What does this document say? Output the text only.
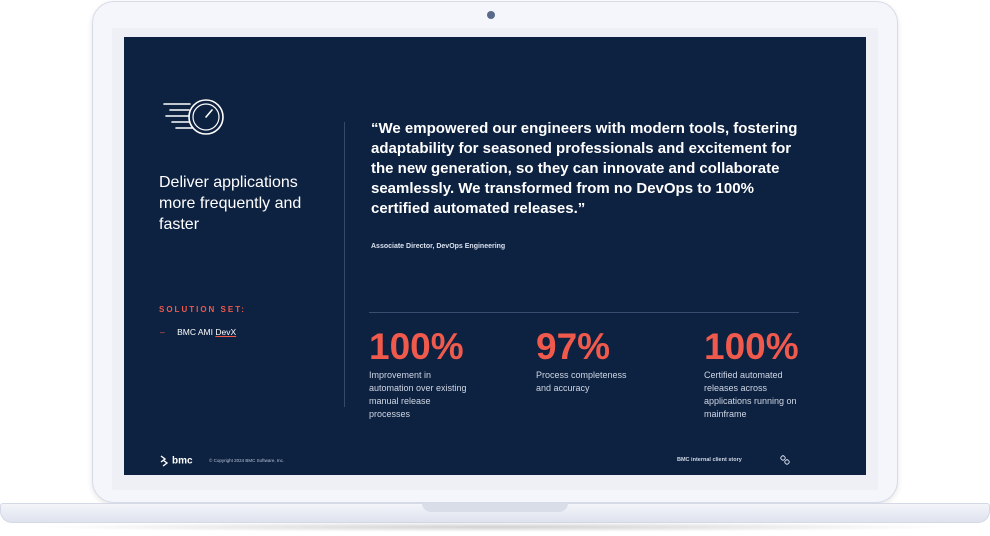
Deliver applications more frequently and faster
SOLUTION SET:
– BMC AMI DevX
“We empowered our engineers with modern tools, fostering adaptability for seasoned professionals and excitement for the new generation, so they can innovate and collaborate seamlessly. We transformed from no DevOps to 100% certified automated releases.”
Associate Director, DevOps Engineering
100%
Improvement in automation over existing manual release processes
97%
Process completeness and accuracy
100%
Certified automated releases across applications running on mainframe
bmc	© Copyright 2024 BMC Software, Inc.	BMC internal client story
